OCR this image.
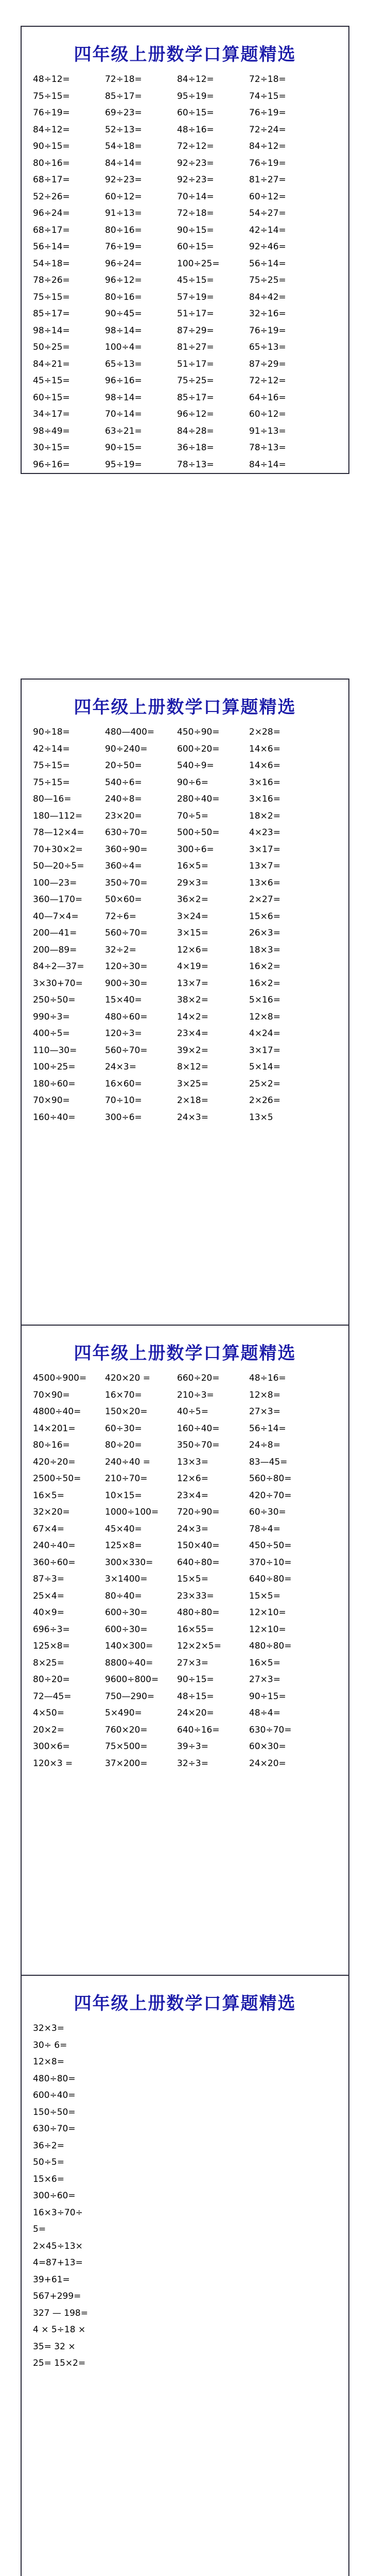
四年级上册数学口算题精选
48÷12=	72÷18=	84÷12=	72÷18=
75÷15=	85÷17=	95÷19=	74÷15=
76÷19=	69÷23=	60÷15=	76÷19=
84÷12=	52÷13=	48÷16=	72÷24=
90÷15=	54÷18=	72÷12=	84÷12=
80÷16=	84÷14=	92÷23=	76÷19=
68÷17=	92÷23=	92÷23=	81÷27=
52÷26=	60÷12=	70÷14=	60÷12=
96÷24=	91÷13=	72÷18=	54÷27=
68÷17=	80÷16=	90÷15=	42÷14=
56÷14=	76÷19=	60÷15=	92÷46=
54÷18=	96÷24=	100÷25=	56÷14=
78÷26=	96÷12=	45÷15=	75÷25=
75÷15=	80÷16=	57÷19=	84÷42=
85÷17=	90÷45=	51÷17=	32÷16=
98÷14=	98÷14=	87÷29=	76÷19=
50÷25=	100÷4=	81÷27=	65÷13=
84÷21=	65÷13=	51÷17=	87÷29=
45÷15=	96÷16=	75÷25=	72÷12=
60÷15=	98÷14=	85÷17=	64÷16=
34÷17=	70÷14=	96÷12=	60÷12=
98÷49=	63÷21=	84÷28=	91÷13=
30÷15=	90÷15=	36÷18=	78÷13=
96÷16=	95÷19=	78÷13=	84÷14=
四年级上册数学口算题精选
90÷18=	480—400=	450÷90=	2×28=
42÷14=	90÷240=	600÷20=	14×6=
75÷15=	20÷50=	540÷9=	14×6=
75÷15=	540÷6=	90÷6=	3×16=
80—16=	240÷8=	280÷40=	3×16=
180—112=	23×20=	70÷5=	18×2=
78—12×4=	630÷70=	500÷50=	4×23=
70+30×2=	360÷90=	300÷6=	3×17=
50—20÷5=	360÷4=	16×5=	13×7=
100—23=	350÷70=	29×3=	13×6=
360—170=	50×60=	36×2=	2×27=
40—7×4=	72÷6=	3×24=	15×6=
200—41=	560÷70=	3×15=	26×3=
200—89=	32÷2=	12×6=	18×3=
84÷2—37=	120÷30=	4×19=	16×2=
3×30+70=	900÷30=	13×7=	16×2=
250÷50=	15×40=	38×2=	5×16=
990÷3=	480÷60=	14×2=	12×8=
400÷5=	120÷3=	23×4=	4×24=
110—30=	560÷70=	39×2=	3×17=
100÷25=	24×3=	8×12=	5×14=
180÷60=	16×60=	3×25=	25×2=
70×90=	70÷10=	2×18=	2×26=
160÷40=	300÷6=	24×3=	13×5
四年级上册数学口算题精选
4500÷900=	420×20 =	660÷20=	48÷16=
70×90=	16×70=	210÷3=	12×8=
4800÷40=	150×20=	40÷5=	27×3=
14×201=	60÷30=	160÷40=	56÷14=
80÷16=	80÷20=	350÷70=	24÷8=
420÷20=	240÷40 =	13×3=	83—45=
2500÷50=	210÷70=	12×6=	560÷80=
16×5=	10×15=	23×4=	420÷70=
32×20=	1000÷100=	720÷90=	60÷30=
67×4=	45×40=	24×3=	78÷4=
240÷40=	125×8=	150×40=	450÷50=
360÷60=	300×330=	640÷80=	370÷10=
87÷3=	3×1400=	15×5=	640÷80=
25×4=	80÷40=	23×33=	15×5=
40×9=	600÷30=	480÷80=	12×10=
696÷3=	600÷30=	16×55=	12×10=
125×8=	140×300=	12×2×5=	480÷80=
8×25=	8800÷40=	27×3=	16×5=
80÷20=	9600÷800=	90÷15=	27×3=
72—45=	750—290=	48÷15=	90÷15=
4×50=	5×490=	24×20=	48÷4=
20×2=	760×20=	640÷16=	630÷70=
300×6=	75×500=	39÷3=	60×30=
120×3 =	37×200=	32÷3=	24×20=
四年级上册数学口算题精选
32×3=
30÷ 6=
12×8=
480÷80=
600÷40=
150÷50=
630÷70=
36÷2=
50÷5=
15×6=
300÷60=
16×3÷70÷
5=
2×45÷13×
4=87+13=
39+61=
567+299=
327 — 198=
4 × 5÷18 ×
35= 32 ×
25= 15×2=
